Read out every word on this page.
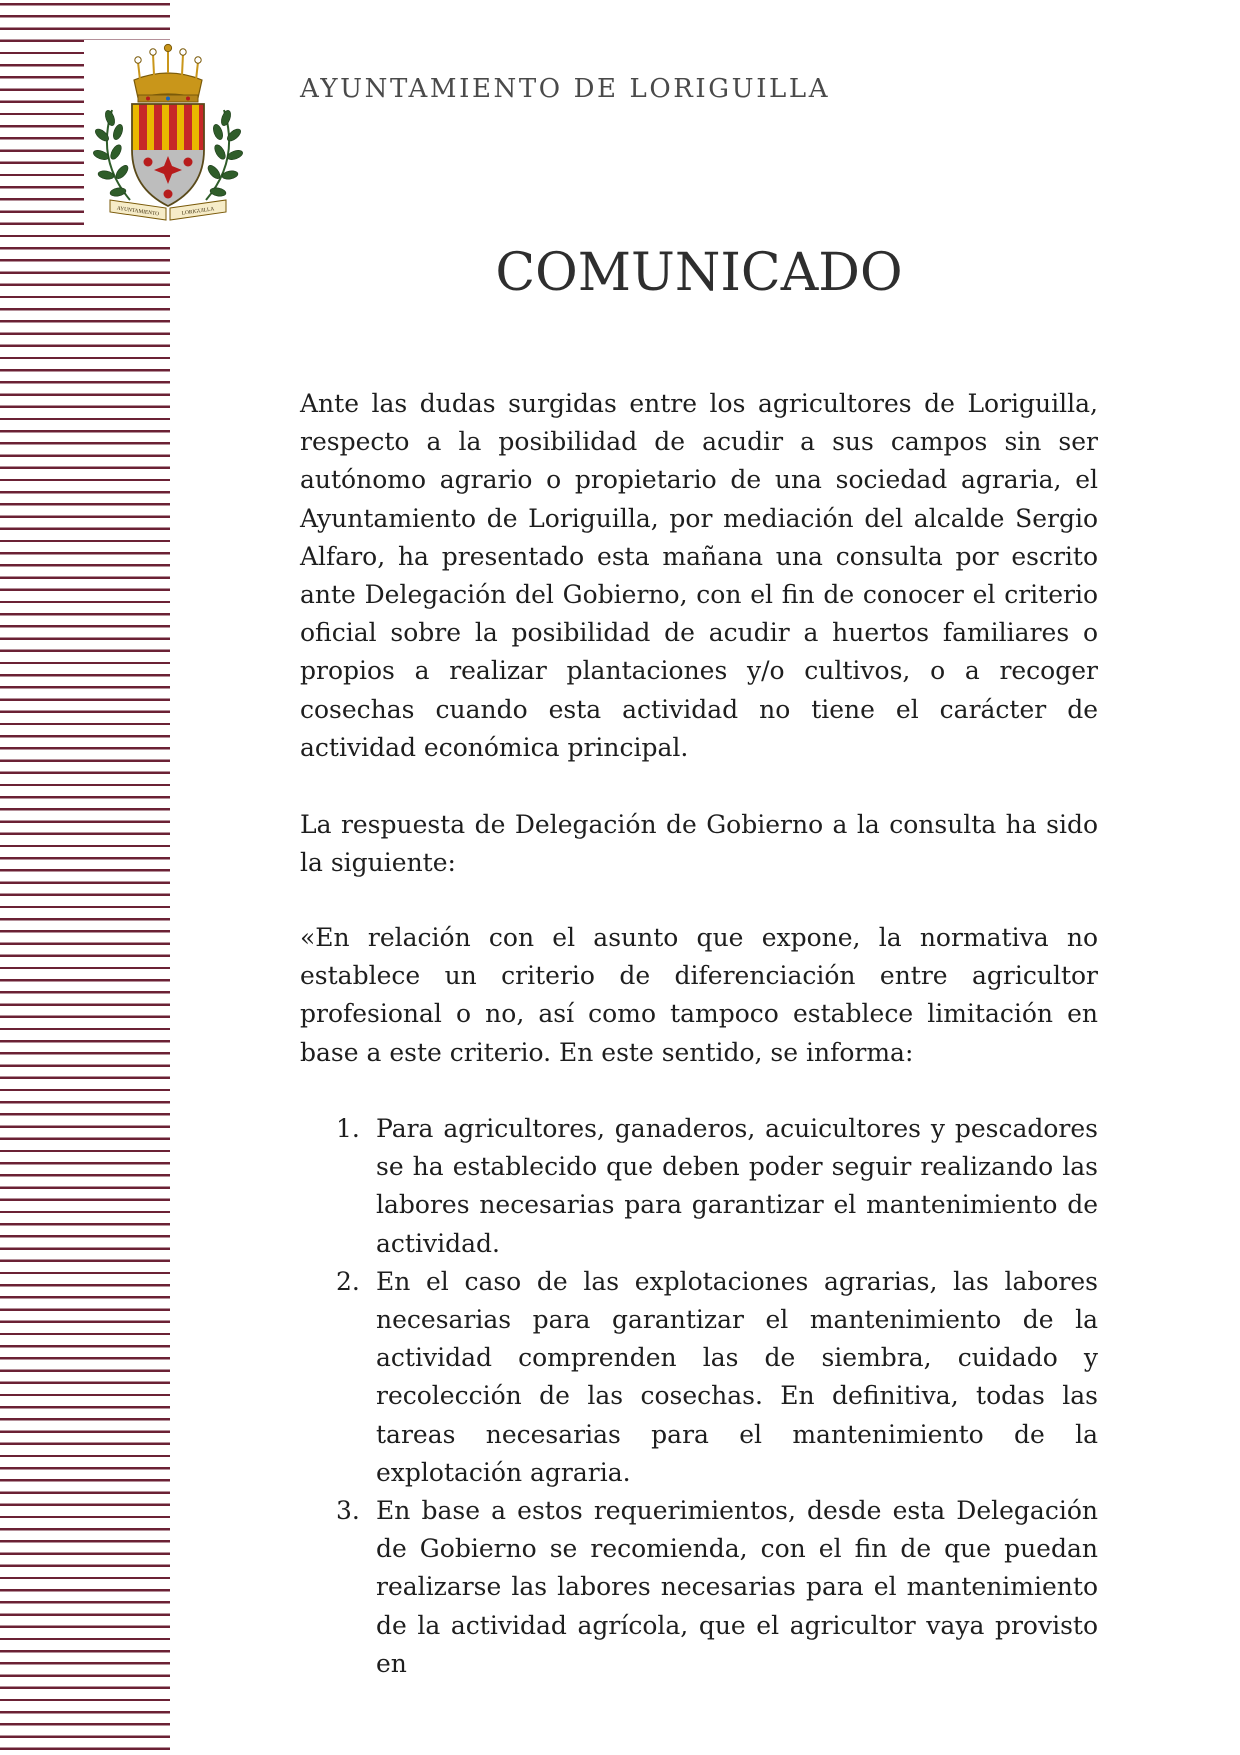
AYUNTAMIENTO	LORIGUILLA
AYUNTAMIENTO DE LORIGUILLA
COMUNICADO

Ante las dudas surgidas entre los agricultores de Loriguilla, respecto a la posibilidad de acudir a sus campos sin ser autónomo agrario o propietario de una sociedad agraria, el Ayuntamiento de Loriguilla, por mediación del alcalde Sergio Alfaro, ha presentado esta mañana una consulta por escrito ante Delegación del Gobierno, con el fin de conocer el criterio oficial sobre la posibilidad de acudir a huertos familiares o propios a realizar plantaciones y/o cultivos, o a recoger cosechas cuando esta actividad no tiene el carácter de actividad económica principal.

La respuesta de Delegación de Gobierno a la consulta ha sido la siguiente:

«En relación con el asunto que expone, la normativa no establece un criterio de diferenciación entre agricultor profesional o no, así como tampoco establece limitación en base a este criterio. En este sentido, se informa:

1. Para agricultores, ganaderos, acuicultores y pescadores se ha establecido que deben poder seguir realizando las labores necesarias para garantizar el mantenimiento de actividad.
2. En el caso de las explotaciones agrarias, las labores necesarias para garantizar el mantenimiento de la actividad comprenden las de siembra, cuidado y recolección de las cosechas. En definitiva, todas las tareas necesarias para el mantenimiento de la explotación agraria.
3. En base a estos requerimientos, desde esta Delegación de Gobierno se recomienda, con el fin de que puedan realizarse las labores necesarias para el mantenimiento de la actividad agrícola, que el agricultor vaya provisto en
